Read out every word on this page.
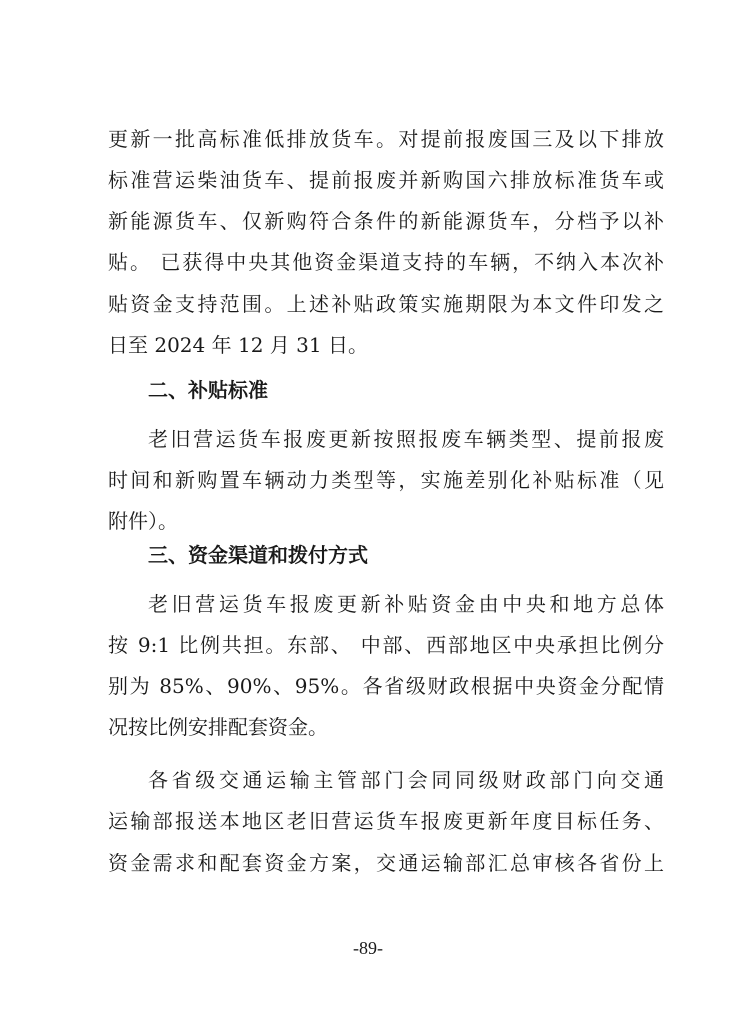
更新一批高标准低排放货车。对提前报废国三及以下排放
标准营运柴油货车、提前报废并新购国六排放标准货车或
新能源货车、仅新购符合条件的新能源货车，分档予以补
贴。 已获得中央其他资金渠道支持的车辆，不纳入本次补
贴资金支持范围。上述补贴政策实施期限为本文件印发之
日至 2024 年 12 月 31 日。
二、补贴标准
老旧营运货车报废更新按照报废车辆类型、提前报废
时间和新购置车辆动力类型等，实施差别化补贴标准（见
附件）。
三、资金渠道和拨付方式
老旧营运货车报废更新补贴资金由中央和地方总体
按 9:1 比例共担。东部、 中部、西部地区中央承担比例分
别为 85%、90%、95%。各省级财政根据中央资金分配情
况按比例安排配套资金。
各省级交通运输主管部门会同同级财政部门向交通
运输部报送本地区老旧营运货车报废更新年度目标任务、
资金需求和配套资金方案，交通运输部汇总审核各省份上
-89-
